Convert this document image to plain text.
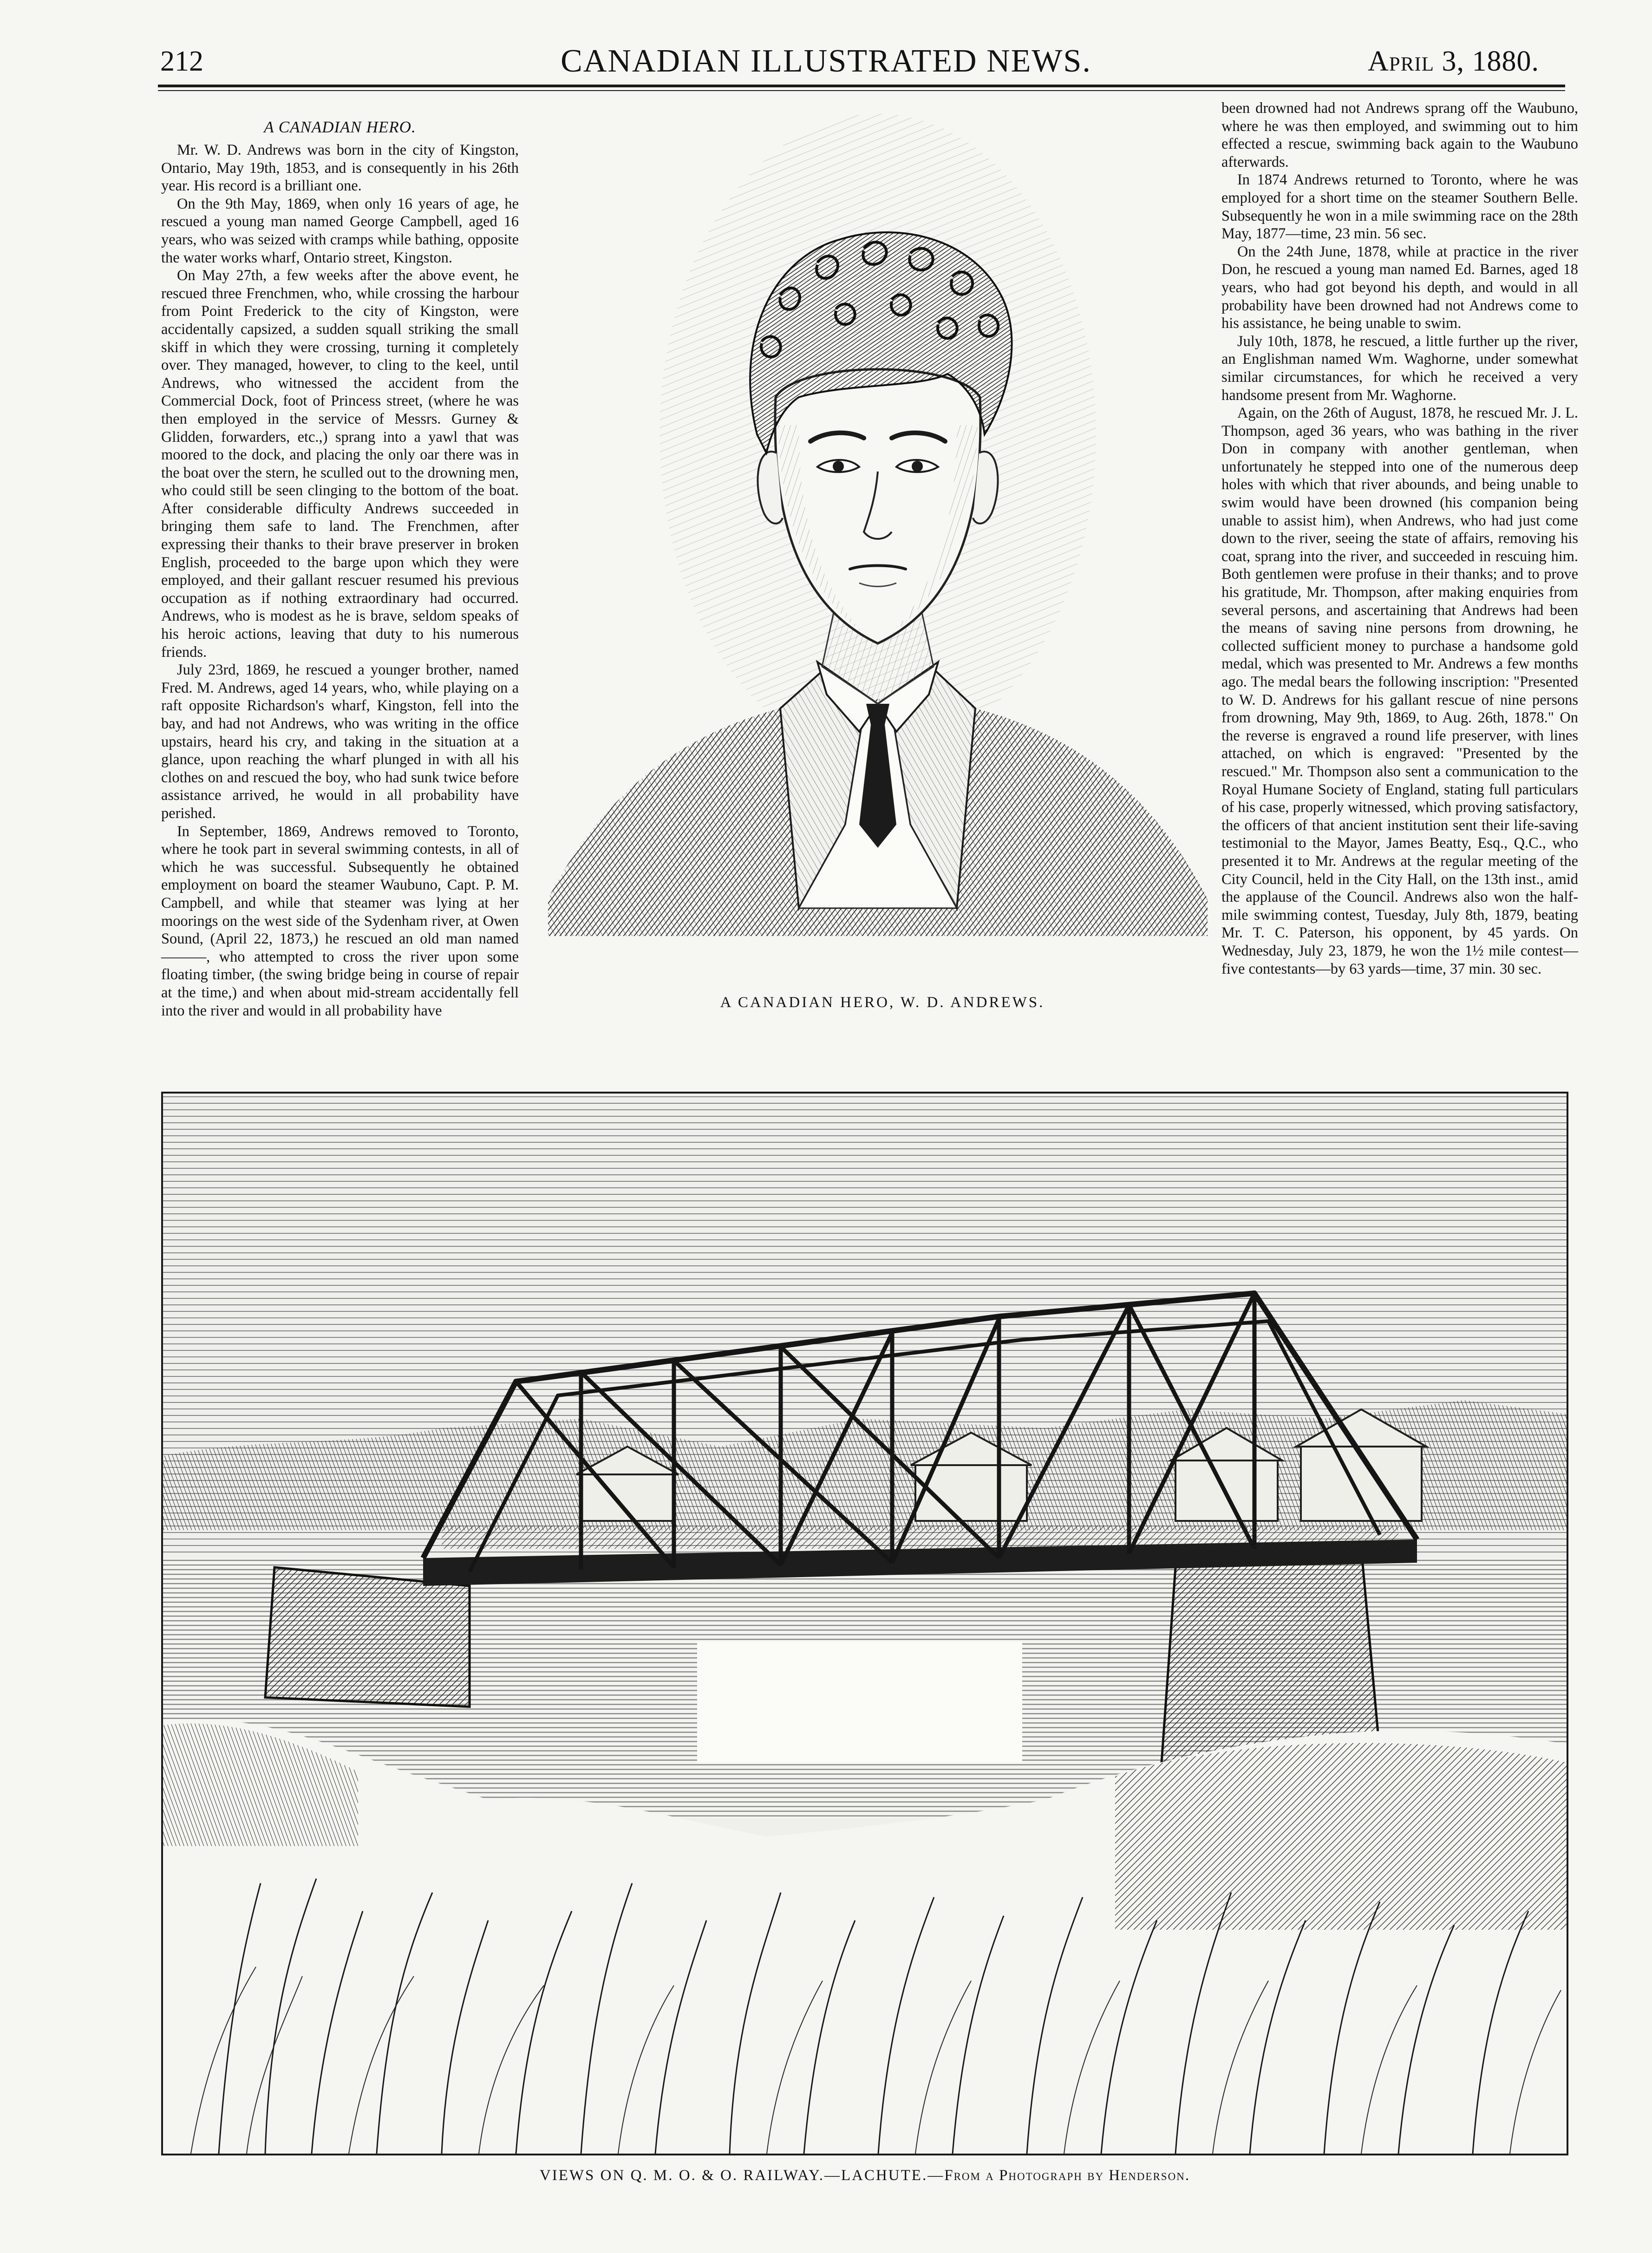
212	CANADIAN ILLUSTRATED NEWS.	April 3, 1880.

A CANADIAN HERO.

Mr. W. D. Andrews was born in the city of Kingston, Ontario, May 19th, 1853, and is consequently in his 26th year. His record is a brilliant one.

On the 9th May, 1869, when only 16 years of age, he rescued a young man named George Campbell, aged 16 years, who was seized with cramps while bathing, opposite the water works wharf, Ontario street, Kingston.

On May 27th, a few weeks after the above event, he rescued three Frenchmen, who, while crossing the harbour from Point Frederick to the city of Kingston, were accidentally capsized, a sudden squall striking the small skiff in which they were crossing, turning it completely over. They managed, however, to cling to the keel, until Andrews, who witnessed the accident from the Commercial Dock, foot of Princess street, (where he was then employed in the service of Messrs. Gurney & Glidden, forwarders, etc.,) sprang into a yawl that was moored to the dock, and placing the only oar there was in the boat over the stern, he sculled out to the drowning men, who could still be seen clinging to the bottom of the boat. After considerable difficulty Andrews succeeded in bringing them safe to land. The Frenchmen, after expressing their thanks to their brave preserver in broken English, proceeded to the barge upon which they were employed, and their gallant rescuer resumed his previous occupation as if nothing extraordinary had occurred. Andrews, who is modest as he is brave, seldom speaks of his heroic actions, leaving that duty to his numerous friends.

July 23rd, 1869, he rescued a younger brother, named Fred. M. Andrews, aged 14 years, who, while playing on a raft opposite Richardson's wharf, Kingston, fell into the bay, and had not Andrews, who was writing in the office upstairs, heard his cry, and taking in the situation at a glance, upon reaching the wharf plunged in with all his clothes on and rescued the boy, who had sunk twice before assistance arrived, he would in all probability have perished.

In September, 1869, Andrews removed to Toronto, where he took part in several swimming contests, in all of which he was successful. Subsequently he obtained employment on board the steamer Waubuno, Capt. P. M. Campbell, and while that steamer was lying at her moorings on the west side of the Sydenham river, at Owen Sound, (April 22, 1873,) he rescued an old man named ———, who attempted to cross the river upon some floating timber, (the swing bridge being in course of repair at the time,) and when about mid-stream accidentally fell into the river and would in all probability have	A CANADIAN HERO, W. D. ANDREWS.

been drowned had not Andrews sprang off the Waubuno, where he was then employed, and swimming out to him effected a rescue, swimming back again to the Waubuno afterwards.

In 1874 Andrews returned to Toronto, where he was employed for a short time on the steamer Southern Belle. Subsequently he won in a mile swimming race on the 28th May, 1877—time, 23 min. 56 sec.

On the 24th June, 1878, while at practice in the river Don, he rescued a young man named Ed. Barnes, aged 18 years, who had got beyond his depth, and would in all probability have been drowned had not Andrews come to his assistance, he being unable to swim.

July 10th, 1878, he rescued, a little further up the river, an Englishman named Wm. Waghorne, under somewhat similar circumstances, for which he received a very handsome present from Mr. Waghorne.

Again, on the 26th of August, 1878, he rescued Mr. J. L. Thompson, aged 36 years, who was bathing in the river Don in company with another gentleman, when unfortunately he stepped into one of the numerous deep holes with which that river abounds, and being unable to swim would have been drowned (his companion being unable to assist him), when Andrews, who had just come down to the river, seeing the state of affairs, removing his coat, sprang into the river, and succeeded in rescuing him. Both gentlemen were profuse in their thanks; and to prove his gratitude, Mr. Thompson, after making enquiries from several persons, and ascertaining that Andrews had been the means of saving nine persons from drowning, he collected sufficient money to purchase a handsome gold medal, which was presented to Mr. Andrews a few months ago. The medal bears the following inscription: "Presented to W. D. Andrews for his gallant rescue of nine persons from drowning, May 9th, 1869, to Aug. 26th, 1878." On the reverse is engraved a round life preserver, with lines attached, on which is engraved: "Presented by the rescued." Mr. Thompson also sent a communication to the Royal Humane Society of England, stating full particulars of his case, properly witnessed, which proving satisfactory, the officers of that ancient institution sent their life-saving testimonial to the Mayor, James Beatty, Esq., Q.C., who presented it to Mr. Andrews at the regular meeting of the City Council, held in the City Hall, on the 13th inst., amid the applause of the Council. Andrews also won the half-mile swimming contest, Tuesday, July 8th, 1879, beating Mr. T. C. Paterson, his opponent, by 45 yards. On Wednesday, July 23, 1879, he won the 1½ mile contest—five contestants—by 63 yards—time, 37 min. 30 sec.

VIEWS ON Q. M. O. & O. RAILWAY.—LACHUTE.—From a Photograph by Henderson.
